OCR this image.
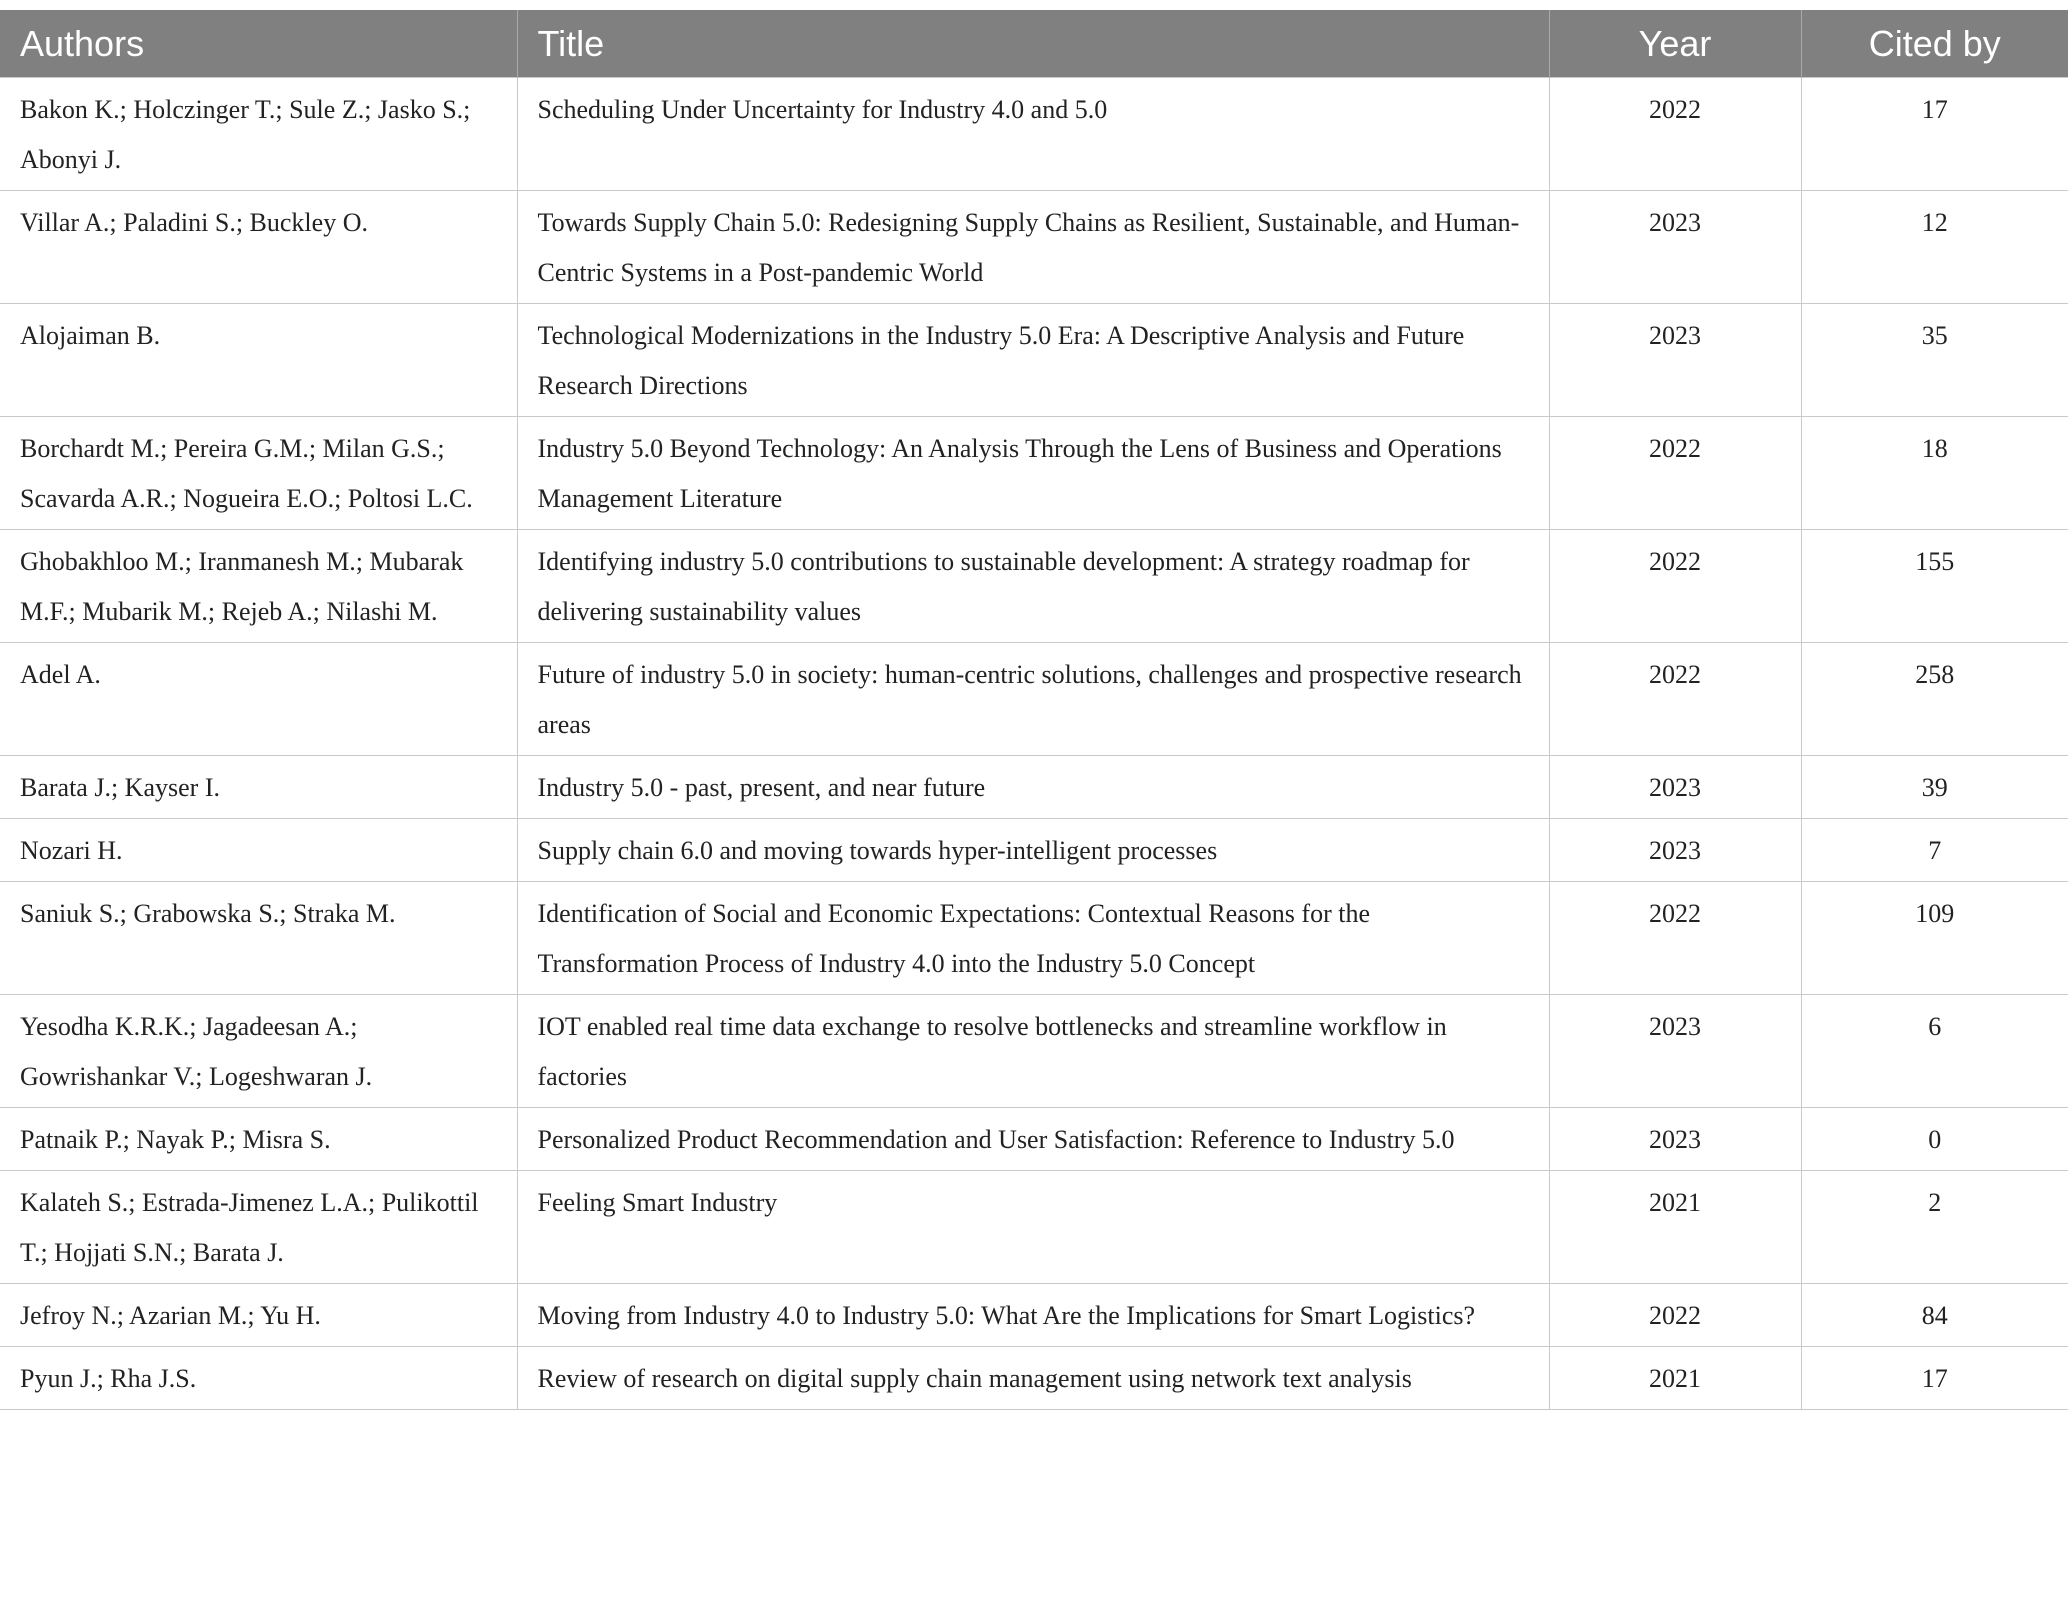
Authors	Title	Year	Cited by
Bakon K.; Holczinger T.; Sule Z.; Jasko S.; Abonyi J.	Scheduling Under Uncertainty for Industry 4.0 and 5.0	2022	17
Villar A.; Paladini S.; Buckley O.	Towards Supply Chain 5.0: Redesigning Supply Chains as Resilient, Sustainable, and Human-Centric Systems in a Post-pandemic World	2023	12
Alojaiman B.	Technological Modernizations in the Industry 5.0 Era: A Descriptive Analysis and Future Research Directions	2023	35
Borchardt M.; Pereira G.M.; Milan G.S.; Scavarda A.R.; Nogueira E.O.; Poltosi L.C.	Industry 5.0 Beyond Technology: An Analysis Through the Lens of Business and Operations Management Literature	2022	18
Ghobakhloo M.; Iranmanesh M.; Mubarak M.F.; Mubarik M.; Rejeb A.; Nilashi M.	Identifying industry 5.0 contributions to sustainable development: A strategy roadmap for delivering sustainability values	2022	155
Adel A.	Future of industry 5.0 in society: human-centric solutions, challenges and prospective research areas	2022	258
Barata J.; Kayser I.	Industry 5.0 - past, present, and near future	2023	39
Nozari H.	Supply chain 6.0 and moving towards hyper-intelligent processes	2023	7
Saniuk S.; Grabowska S.; Straka M.	Identification of Social and Economic Expectations: Contextual Reasons for the Transformation Process of Industry 4.0 into the Industry 5.0 Concept	2022	109
Yesodha K.R.K.; Jagadeesan A.; Gowrishankar V.; Logeshwaran J.	IOT enabled real time data exchange to resolve bottlenecks and streamline workflow in factories	2023	6
Patnaik P.; Nayak P.; Misra S.	Personalized Product Recommendation and User Satisfaction: Reference to Industry 5.0	2023	0
Kalateh S.; Estrada-Jimenez L.A.; Pulikottil T.; Hojjati S.N.; Barata J.	Feeling Smart Industry	2021	2
Jefroy N.; Azarian M.; Yu H.	Moving from Industry 4.0 to Industry 5.0: What Are the Implications for Smart Logistics?	2022	84
Pyun J.; Rha J.S.	Review of research on digital supply chain management using network text analysis	2021	17
